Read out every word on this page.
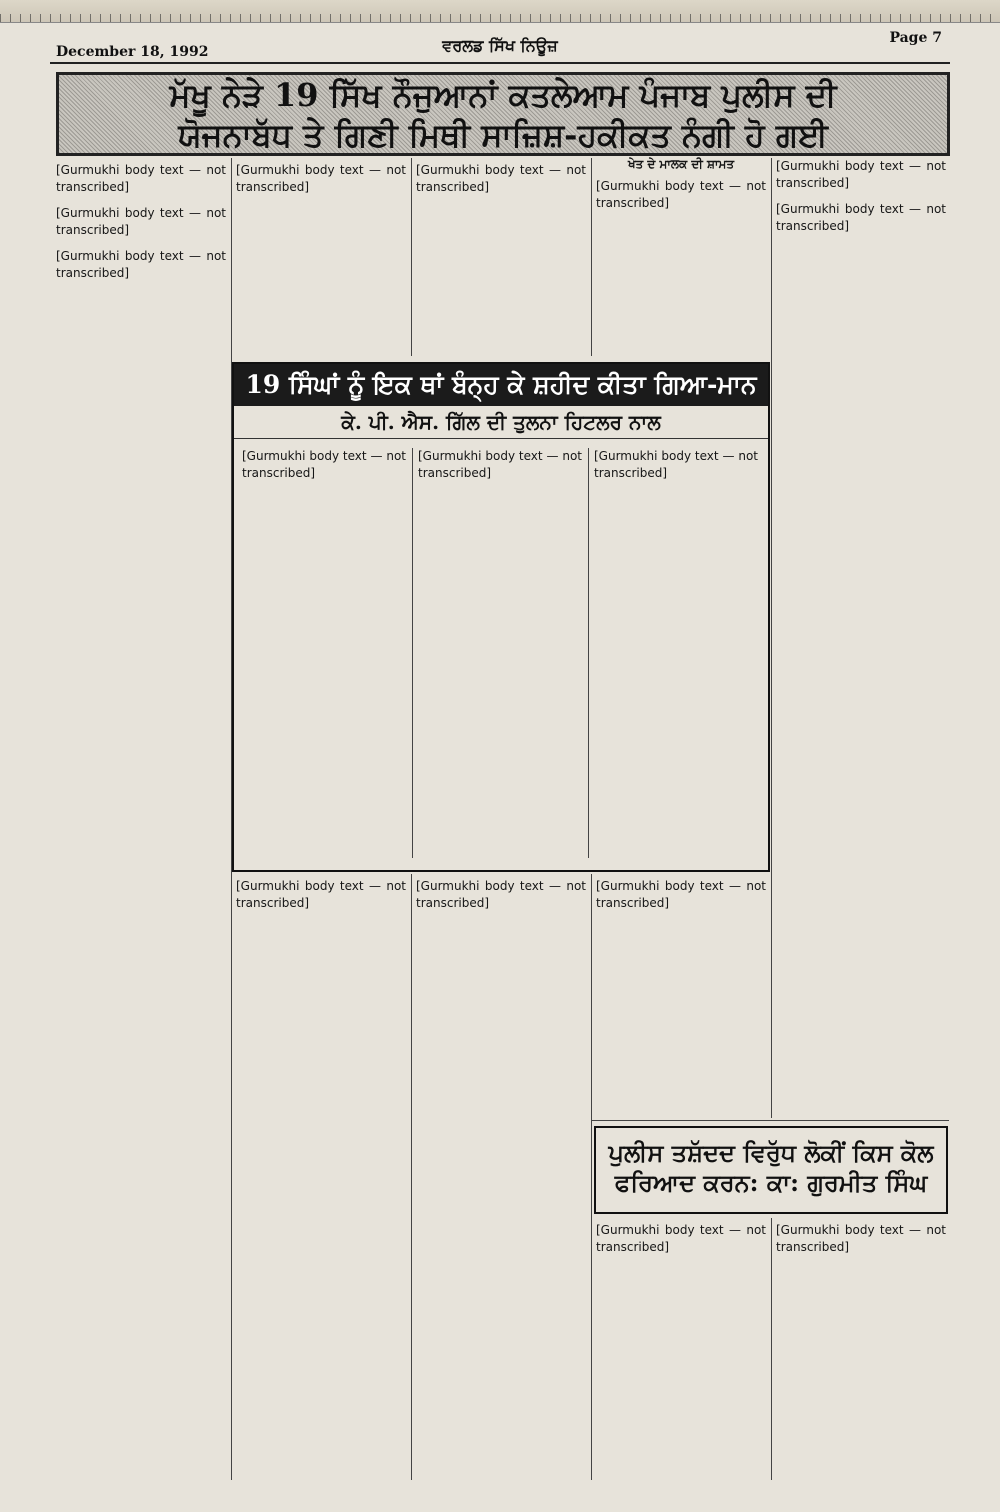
December 18, 1992	ਵਰਲਡ ਸਿੱਖ ਨਿਊਜ਼	Page 7
ਮੱਖੂ ਨੇੜੇ 19 ਸਿੱਖ ਨੌਜੁਆਨਾਂ ਕਤਲੇਆਮ ਪੰਜਾਬ ਪੁਲੀਸ ਦੀ
ਯੋਜਨਾਬੱਧ ਤੇ ਗਿਣੀ ਮਿਥੀ ਸਾਜ਼ਿਸ਼-ਹਕੀਕਤ ਨੰਗੀ ਹੋ ਗਈ

[Gurmukhi body text — not transcribed]

[Gurmukhi body text — not transcribed]

[Gurmukhi body text — not transcribed]

[Gurmukhi body text — not transcribed]

[Gurmukhi body text — not transcribed]

ਖੇਤ ਦੇ ਮਾਲਕ ਦੀ ਸ਼ਾਮਤ

[Gurmukhi body text — not transcribed]

[Gurmukhi body text — not transcribed]

[Gurmukhi body text — not transcribed]

19 ਸਿੰਘਾਂ ਨੂੰ ਇਕ ਥਾਂ ਬੰਨ੍ਹ ਕੇ ਸ਼ਹੀਦ ਕੀਤਾ ਗਿਆ-ਮਾਨ
ਕੇ. ਪੀ. ਐਸ. ਗਿੱਲ ਦੀ ਤੁਲਨਾ ਹਿਟਲਰ ਨਾਲ

[Gurmukhi body text — not transcribed]

[Gurmukhi body text — not transcribed]

[Gurmukhi body text — not transcribed]

[Gurmukhi body text — not transcribed]

[Gurmukhi body text — not transcribed]

[Gurmukhi body text — not transcribed]

ਪੁਲੀਸ ਤਸ਼ੱਦਦ ਵਿਰੁੱਧ ਲੋਕੀਂ ਕਿਸ ਕੋਲ
ਫਰਿਆਦ ਕਰਨ: ਕਾ: ਗੁਰਮੀਤ ਸਿੰਘ

[Gurmukhi body text — not transcribed]

[Gurmukhi body text — not transcribed]
